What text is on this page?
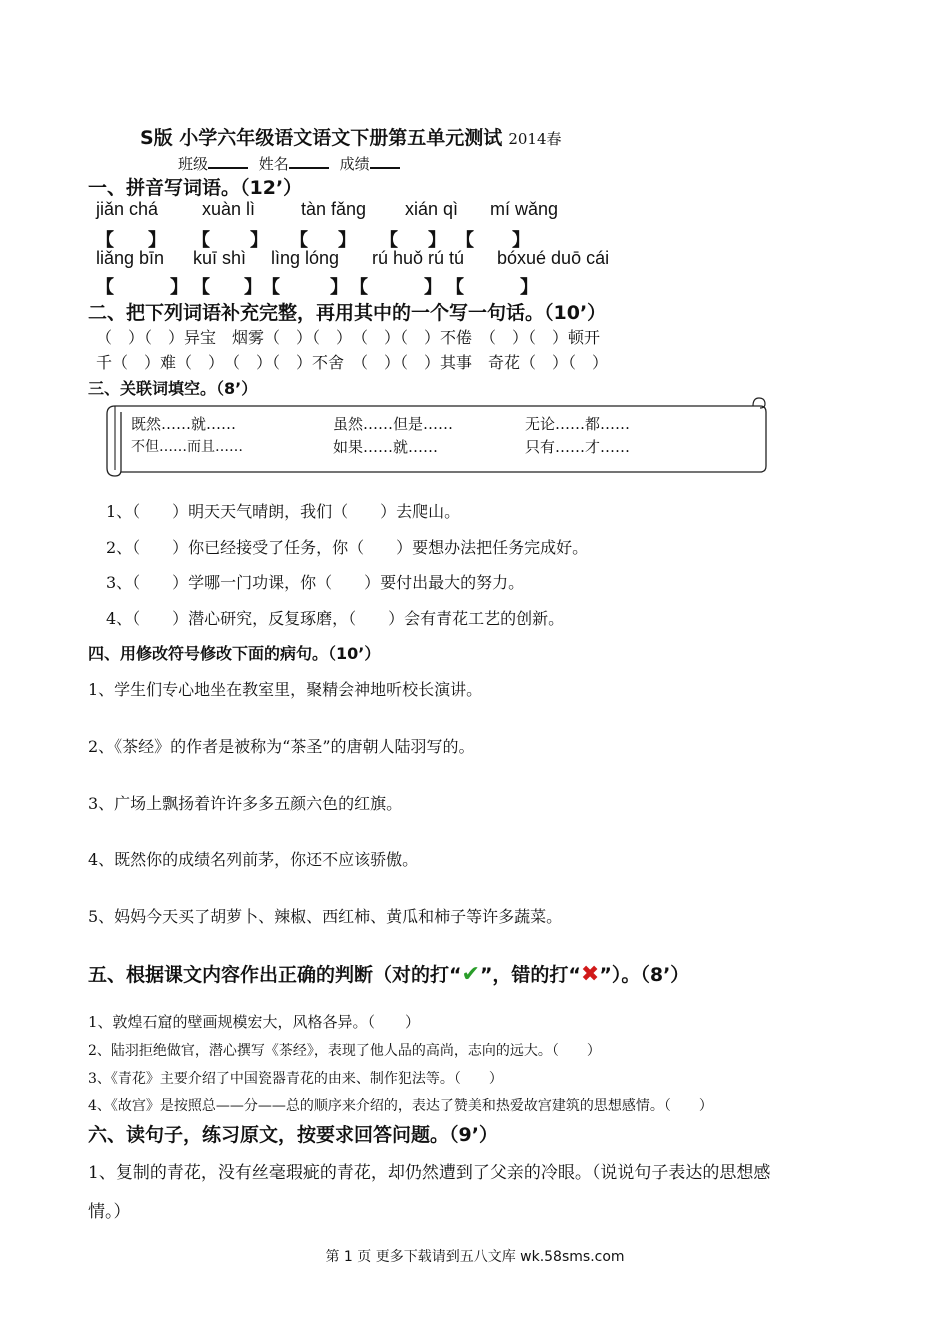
S版 小学六年级语文语文下册第五单元测试 2014春
班级	姓名	成绩
一、拼音写词语。（12’）
jiǎn chá xuàn lì	tàn fǎng xián qì mí wǎng
【 】 【 】 【 】 【 】 【 】
liǎng bīn kuī shì lìng lóng rú huǒ rú tú bóxué duō cái
【	】 【 】 【	】 【	】 【	】
二、把下列词语补充完整，再用其中的一个写一句话。（10’）
（　）（　）异宝　烟雾（　）（　）　（　）（　）不倦　（　）（　）顿开
千（　）难（　）　（　）（　）不舍　（　）（　）其事　奇花（　）（　）
三、关联词填空。（8’）
既然……就……	虽然……但是……	无论……都……
不但……而且……	如果……就……	只有……才……
1、（　　）明天天气晴朗，我们（　　）去爬山。
2、（　　）你已经接受了任务，你（　　）要想办法把任务完成好。
3、（　　）学哪一门功课，你（　　）要付出最大的努力。
4、（　　）潜心研究，反复琢磨，（　　）会有青花工艺的创新。
四、用修改符号修改下面的病句。（10’）
1、学生们专心地坐在教室里，聚精会神地听校长演讲。
2、《茶经》的作者是被称为“茶圣”的唐朝人陆羽写的。
3、广场上飘扬着许许多多五颜六色的红旗。
4、既然你的成绩名列前茅，你还不应该骄傲。
5、妈妈今天买了胡萝卜、辣椒、西红柿、黄瓜和柿子等许多蔬菜。
五、根据课文内容作出正确的判断（对的打“✔”，错的打“✖”）。（8’）
1、敦煌石窟的壁画规模宏大，风格各异。（　　）
2、陆羽拒绝做官，潜心撰写《茶经》，表现了他人品的高尚，志向的远大。（　　）
3、《青花》主要介绍了中国瓷器青花的由来、制作犯法等。（　　）
4、《故宫》是按照总——分——总的顺序来介绍的，表达了赞美和热爱故宫建筑的思想感情。（　　）
六、读句子，练习原文，按要求回答问题。（9’）
1、复制的青花，没有丝毫瑕疵的青花，却仍然遭到了父亲的冷眼。（说说句子表达的思想感
情。）
第 1 页 更多下载请到五八文库 wk.58sms.com
